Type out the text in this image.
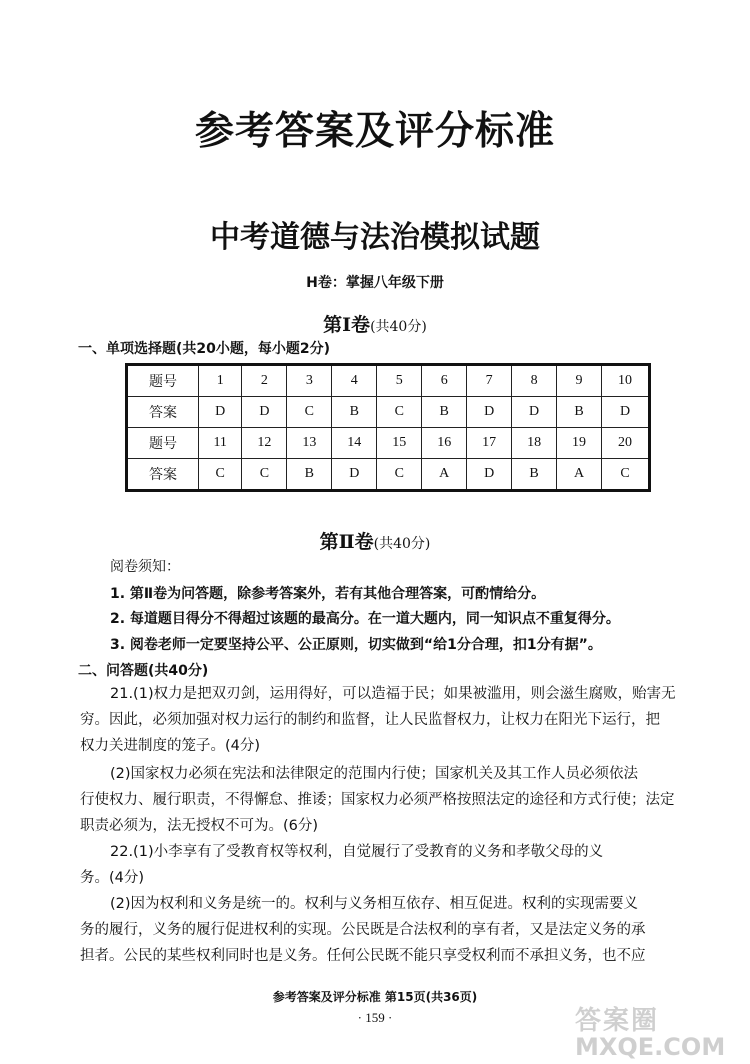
参考答案及评分标准
中考道德与法治模拟试题
H卷：掌握八年级下册
第Ⅰ卷(共40分)
一、单项选择题(共20小题，每小题2分)
题号	1	2	3	4	5	6	7	8	9	10
答案	D	D	C	B	C	B	D	D	B	D
题号	11	12	13	14	15	16	17	18	19	20
答案	C	C	B	D	C	A	D	B	A	C
第Ⅱ卷(共40分)
阅卷须知：
1. 第Ⅱ卷为问答题，除参考答案外，若有其他合理答案，可酌情给分。
2. 每道题目得分不得超过该题的最高分。在一道大题内，同一知识点不重复得分。
3. 阅卷老师一定要坚持公平、公正原则，切实做到“给1分合理，扣1分有据”。
二、问答题(共40分)
21.(1)权力是把双刃剑，运用得好，可以造福于民；如果被滥用，则会滋生腐败，贻害无
穷。因此，必须加强对权力运行的制约和监督，让人民监督权力，让权力在阳光下运行，把
权力关进制度的笼子。(4分)
(2)国家权力必须在宪法和法律限定的范围内行使；国家机关及其工作人员必须依法
行使权力、履行职责，不得懈怠、推诿；国家权力必须严格按照法定的途径和方式行使；法定
职责必须为，法无授权不可为。(6分)
22.(1)小李享有了受教育权等权利，自觉履行了受教育的义务和孝敬父母的义
务。(4分)
(2)因为权利和义务是统一的。权利与义务相互依存、相互促进。权利的实现需要义
务的履行，义务的履行促进权利的实现。公民既是合法权利的享有者，又是法定义务的承
担者。公民的某些权利同时也是义务。任何公民既不能只享受权利而不承担义务，也不应
参考答案及评分标准 第15页(共36页)
· 159 ·	答案圈
MXQE.COM
